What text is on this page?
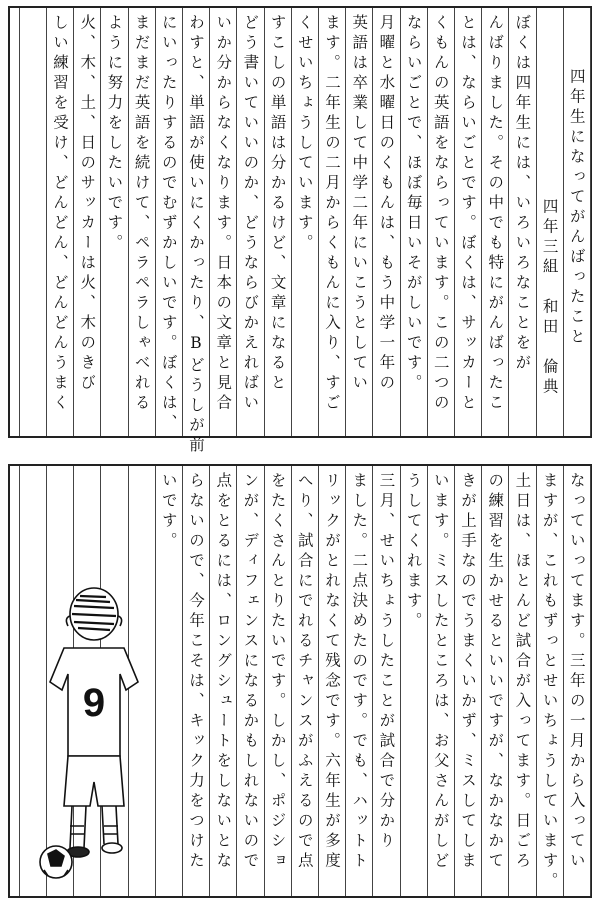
四年生になってがんばったこと
四年三組　和田　倫典
ぼくは四年生には、いろいろなことをが
んばりました。その中でも特にがんばったこ
とは、ならいごとです。ぼくは、サッカーと
くもんの英語をならっています。この二つの
ならいごとで、ほぼ毎日いそがしいです。
月曜と水曜日のくもんは、もう中学一年の
英語は卒業して中学二年にいこうとしてい
ます。二年生の二月からくもんに入り、すご
くせいちょうしています。
すこしの単語は分かるけど、文章になると
どう書いていいのか、どうならびかえればい
いか分からなくなります。日本の文章と見合
わすと、単語が使いにくかったり、Bどうしが前
にいったりするのでむずかしいです。ぼくは、
まだまだ英語を続けて、ペラペラしゃべれる
ように努力をしたいです。
火、木、土、日のサッカーは火、木のきび
しい練習を受け、どんどん、どんどんうまく
なっていってます。三年の一月から入ってい
ますが、これもずっとせいちょうしています。
土日は、ほとんど試合が入ってます。日ごろ
の練習を生かせるといいですが、なかなかて
きが上手なのでうまくいかず、ミスしてしま
います。ミスしたところは、お父さんがしど
うしてくれます。
三月、せいちょうしたことが試合で分かり
ました。二点決めたのです。でも、ハットト
リックがとれなくて残念です。六年生が多度
へり、試合にでれるチャンスがふえるので点
をたくさんとりたいです。しかし、ポジショ
ンが、ディフェンスになるかもしれないので
点をとるには、ロングシュートをしないとな
らないので、今年こそは、キック力をつけた
いです。
9
